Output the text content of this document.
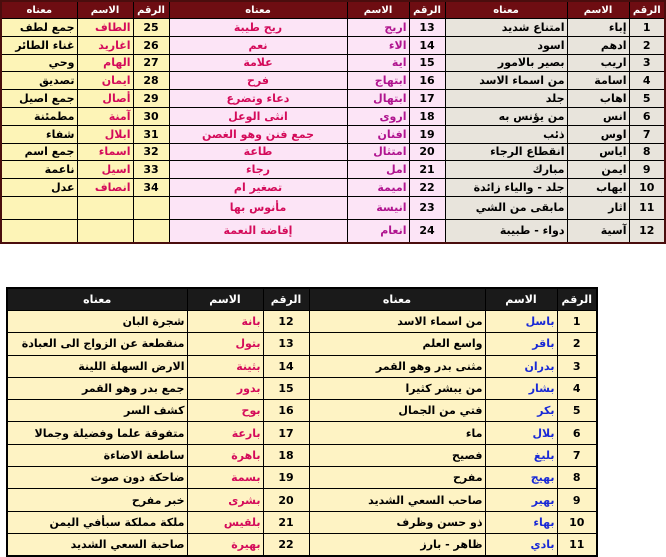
الرقم	الاسم	معناه	الرقم	الاسم	معناه	الرقم	الاسم	معناه
1	إباء	امتناع شديد	13	اريج	ريح طيبة	25	الطاف	جمع لطف
2	ادهم	اسود	14	الاء	نعم	26	اغاريد	غناء الطائر
3	اريب	بصير بالامور	15	اية	علامة	27	الهام	وحي
4	اسامة	من اسماء الاسد	16	ابتهاج	فرح	28	ايمان	تصديق
5	اهاب	جلد	17	ابتهال	دعاء وتضرع	29	أصال	جمع اصيل
6	انس	من يؤنس به	18	اروى	انثى الوعل	30	آمنة	مطمئنة
7	اوس	ذئب	19	افنان	جمع فنن وهو الغصن	31	ابلال	شفاء
8	اياس	انقطاع الرجاء	20	امتثال	طاعة	32	اسماء	جمع اسم
9	ايمن	مبارك	21	امل	رجاء	33	اسيل	ناعمة
10	ايهاب	جلد - والياء زائدة	22	اميمة	تصغير ام	34	انصاف	عدل
11	اثار	مابقى من الشي	23	انيسة	مأنوس بها			
12	آسية	دواء - طبيبة	24	انعام	إفاضة النعمة			
الرقم	الاسم	معناه	الرقم	الاسم	معناه
1	باسل	من اسماء الاسد	12	بانة	شجرة البان
2	باقر	واسع العلم	13	بتول	منقطعة عن الزواج الى العبادة
3	بدران	مثنى بدر وهو القمر	14	بثينة	الارض السهلة اللينة
4	بشار	من يبشر كثيرا	15	بدور	جمع بدر وهو القمر
5	بكر	فتي من الجمال	16	بوح	كشف السر
6	بلال	ماء	17	بارعة	متفوقة علما وفضيلة وجمالا
7	بليغ	فصيح	18	باهرة	ساطعة الاضاءة
8	بهيج	مفرح	19	بسمة	ضاحكة دون صوت
9	بهير	صاحب السعي الشديد	20	بشرى	خبر مفرح
10	بهاء	ذو حسن وظرف	21	بلقيس	ملكة مملكة سبأفي اليمن
11	بادي	ظاهر - بارز	22	بهيرة	صاحبة السعي الشديد
